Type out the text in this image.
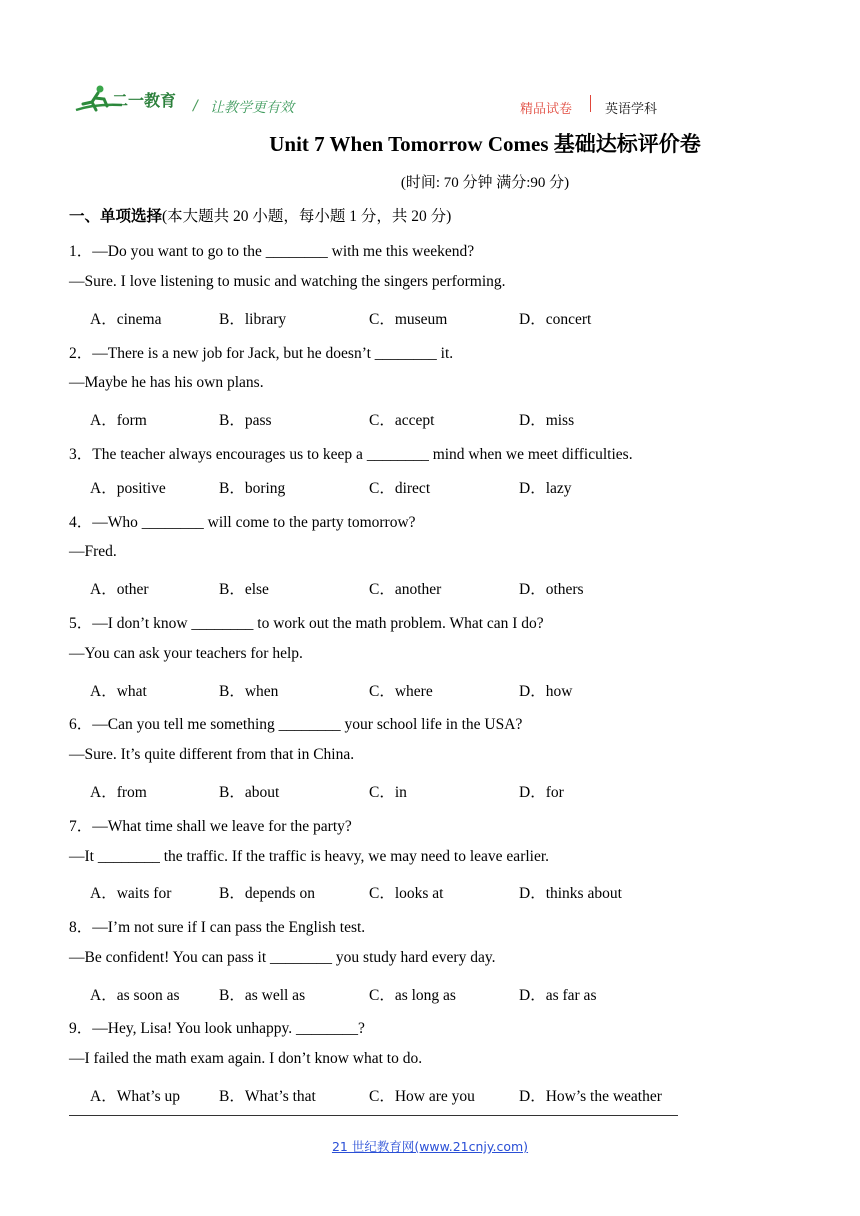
二一教育 / 让教学更有效	精品试卷	英语学科
Unit 7 When Tomorrow Comes 基础达标评价卷
(时间: 70 分钟 满分:90 分)
一、单项选择(本大题共 20 小题，每小题 1 分，共 20 分)
1．—Do you want to go to the ________ with me this weekend?
—Sure. I love listening to music and watching the singers performing.
A．cinema	B．library	C．museum	D．concert
2．—There is a new job for Jack, but he doesn’t ________ it.
—Maybe he has his own plans.
A．form	B．pass	C．accept	D．miss
3．The teacher always encourages us to keep a ________ mind when we meet difficulties.
A．positive	B．boring	C．direct	D．lazy
4．—Who ________ will come to the party tomorrow?
—Fred.
A．other	B．else	C．another	D．others
5．—I don’t know ________ to work out the math problem. What can I do?
—You can ask your teachers for help.
A．what	B．when	C．where	D．how
6．—Can you tell me something ________ your school life in the USA?
—Sure. It’s quite different from that in China.
A．from	B．about	C．in	D．for
7．—What time shall we leave for the party?
—It ________ the traffic. If the traffic is heavy, we may need to leave earlier.
A．waits for	B．depends on	C．looks at	D．thinks about
8．—I’m not sure if I can pass the English test.
—Be confident! You can pass it ________ you study hard every day.
A．as soon as	B．as well as	C．as long as	D．as far as
9．—Hey, Lisa! You look unhappy. ________?
—I failed the math exam again. I don’t know what to do.
A．What’s up	B．What’s that	C．How are you	D．How’s the weather
21 世纪教育网(www.21cnjy.com)
